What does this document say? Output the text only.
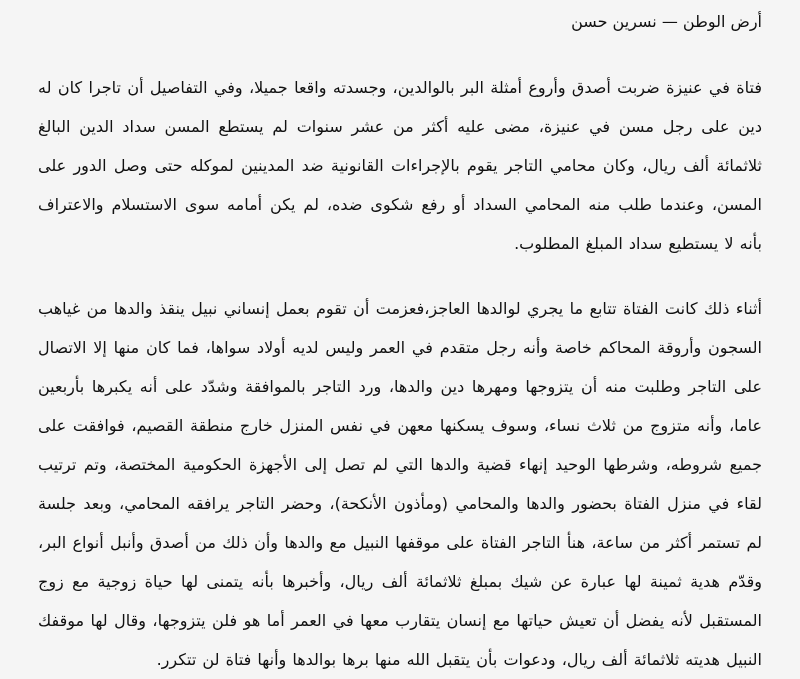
أرض الوطن — نسرين حسن

فتاة في عنيزة ضربت أصدق وأروع أمثلة البر بالوالدين، وجسدته واقعا جميلا، وفي التفاصيل أن تاجرا كان له دين على رجل مسن في عنيزة، مضى عليه أكثر من عشر سنوات لم يستطع المسن سداد الدين البالغ ثلاثمائة ألف ريال، وكان محامي التاجر يقوم بالإجراءات القانونية ضد المدينين لموكله حتى وصل الدور على المسن، وعندما طلب منه المحامي السداد أو رفع شكوى ضده، لم يكن أمامه سوى الاستسلام والاعتراف بأنه لا يستطيع سداد المبلغ المطلوب.

أثناء ذلك كانت الفتاة تتابع ما يجري لوالدها العاجز،فعزمت أن تقوم بعمل إنساني نبيل ينقذ والدها من غياهب السجون وأروقة المحاكم خاصة وأنه رجل متقدم في العمر وليس لديه أولاد سواها، فما كان منها إلا الاتصال على التاجر وطلبت منه أن يتزوجها ومهرها دين والدها، ورد التاجر بالموافقة وشدّد على أنه يكبرها بأربعين عاما، وأنه متزوج من ثلاث نساء، وسوف يسكنها معهن في نفس المنزل خارج منطقة القصيم، فوافقت على جميع شروطه، وشرطها الوحيد إنهاء قضية والدها التي لم تصل إلى الأجهزة الحكومية المختصة، وتم ترتيب لقاء في منزل الفتاة بحضور والدها والمحامي (ومأذون الأنكحة)، وحضر التاجر يرافقه المحامي، وبعد جلسة لم تستمر أكثر من ساعة، هنأ التاجر الفتاة على موقفها النبيل مع والدها وأن ذلك من أصدق وأنبل أنواع البر، وقدّم هدية ثمينة لها عبارة عن شيك بمبلغ ثلاثمائة ألف ريال، وأخبرها بأنه يتمنى لها حياة زوجية مع زوج المستقبل لأنه يفضل أن تعيش حياتها مع إنسان يتقارب معها في العمر أما هو فلن يتزوجها، وقال لها موقفك النبيل هديته ثلاثمائة ألف ريال، ودعوات بأن يتقبل الله منها برها بوالدها وأنها فتاة لن تتكرر.
